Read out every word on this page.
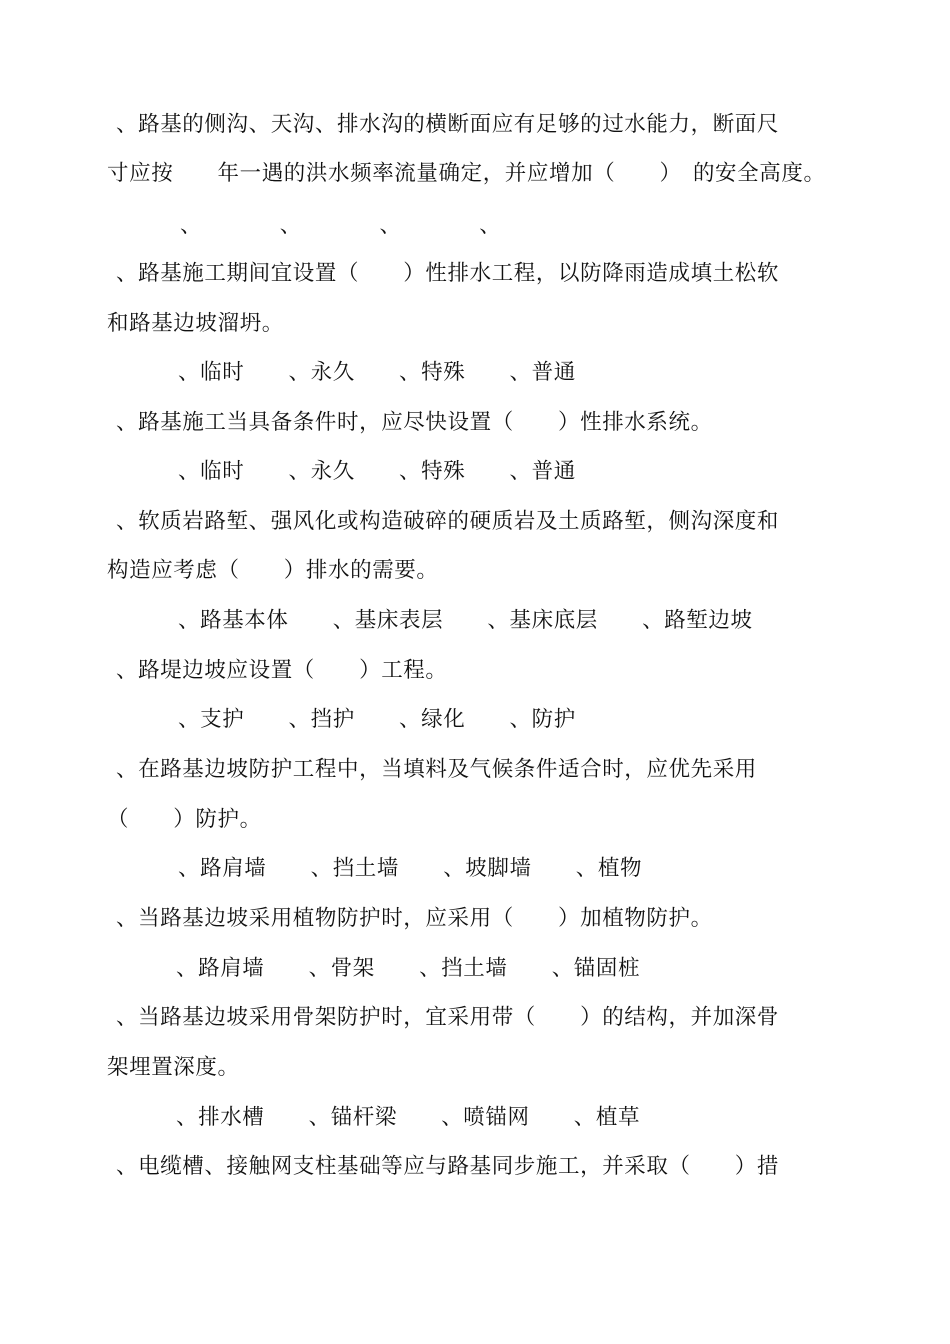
、路基的侧沟、天沟、排水沟的横断面应有足够的过水能力，断面尺
寸应按　　年一遇的洪水频率流量确定，并应增加（　　）　的安全高度。
、　　　　、　　　　、　　　　、
、路基施工期间宜设置（　　）性排水工程，以防降雨造成填土松软
和路基边坡溜坍。
、临时　　、永久　　、特殊　　、普通
、路基施工当具备条件时，应尽快设置（　　）性排水系统。
、临时　　、永久　　、特殊　　、普通
、软质岩路堑、强风化或构造破碎的硬质岩及土质路堑，侧沟深度和
构造应考虑（　　）排水的需要。
、路基本体　　、基床表层　　、基床底层　　、路堑边坡
、路堤边坡应设置（　　）工程。
、支护　　、挡护　　、绿化　　、防护
、在路基边坡防护工程中，当填料及气候条件适合时，应优先采用
（　　）防护。
、路肩墙　　、挡土墙　　、坡脚墙　　、植物
、当路基边坡采用植物防护时，应采用（　　）加植物防护。
、路肩墙　　、骨架　　、挡土墙　　、锚固桩
、当路基边坡采用骨架防护时，宜采用带（　　）的结构，并加深骨
架埋置深度。
、排水槽　　、锚杆梁　　、喷锚网　　、植草
、电缆槽、接触网支柱基础等应与路基同步施工，并采取（　　）措
